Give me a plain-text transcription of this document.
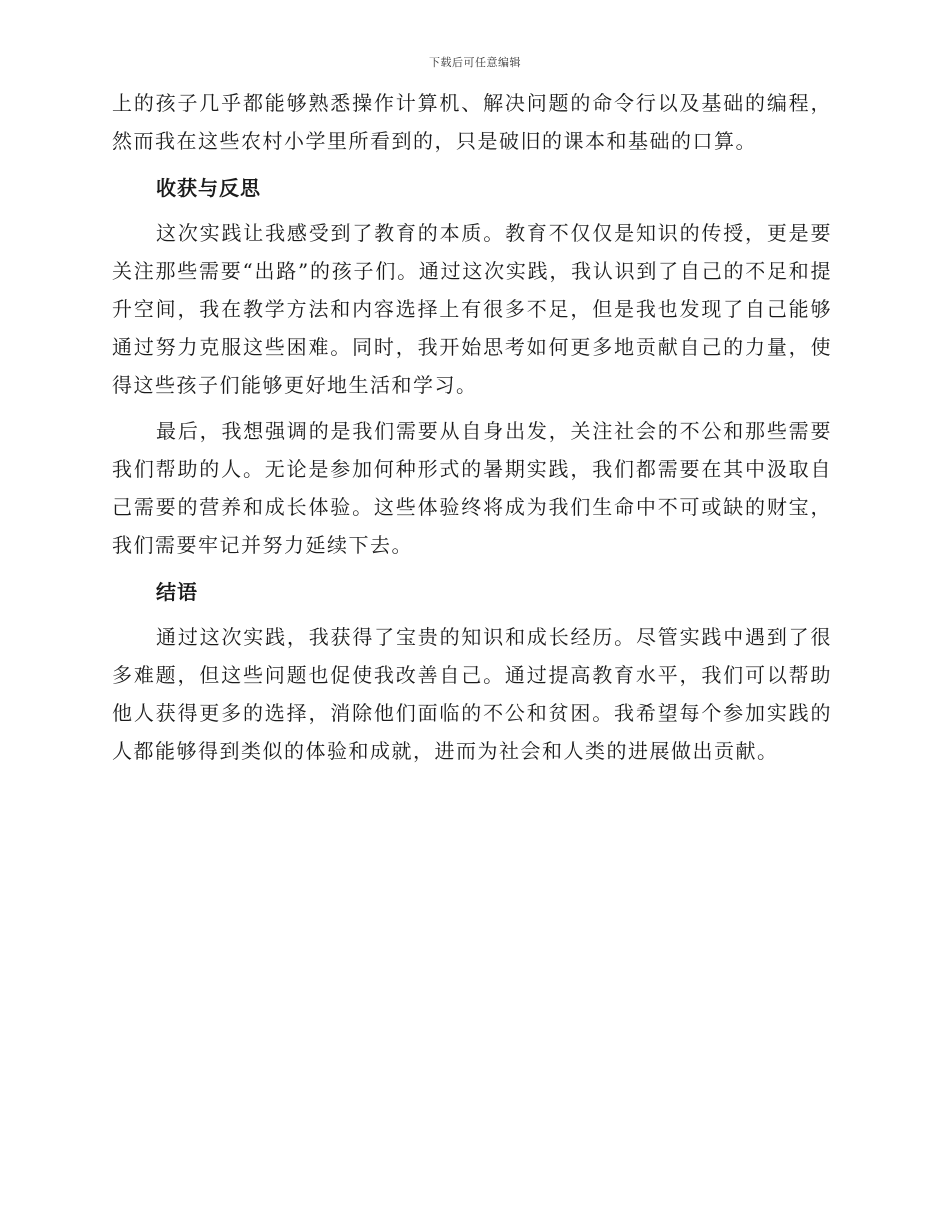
下载后可任意编辑

上的孩子几乎都能够熟悉操作计算机、解决问题的命令行以及基础的编程，然而我在这些农村小学里所看到的，只是破旧的课本和基础的口算。

收获与反思

这次实践让我感受到了教育的本质。教育不仅仅是知识的传授，更是要关注那些需要“出路”的孩子们。通过这次实践，我认识到了自己的不足和提升空间，我在教学方法和内容选择上有很多不足，但是我也发现了自己能够通过努力克服这些困难。同时，我开始思考如何更多地贡献自己的力量，使得这些孩子们能够更好地生活和学习。

最后，我想强调的是我们需要从自身出发，关注社会的不公和那些需要我们帮助的人。无论是参加何种形式的暑期实践，我们都需要在其中汲取自己需要的营养和成长体验。这些体验终将成为我们生命中不可或缺的财宝，我们需要牢记并努力延续下去。

结语

通过这次实践，我获得了宝贵的知识和成长经历。尽管实践中遇到了很多难题，但这些问题也促使我改善自己。通过提高教育水平，我们可以帮助他人获得更多的选择，消除他们面临的不公和贫困。我希望每个参加实践的人都能够得到类似的体验和成就，进而为社会和人类的进展做出贡献。
